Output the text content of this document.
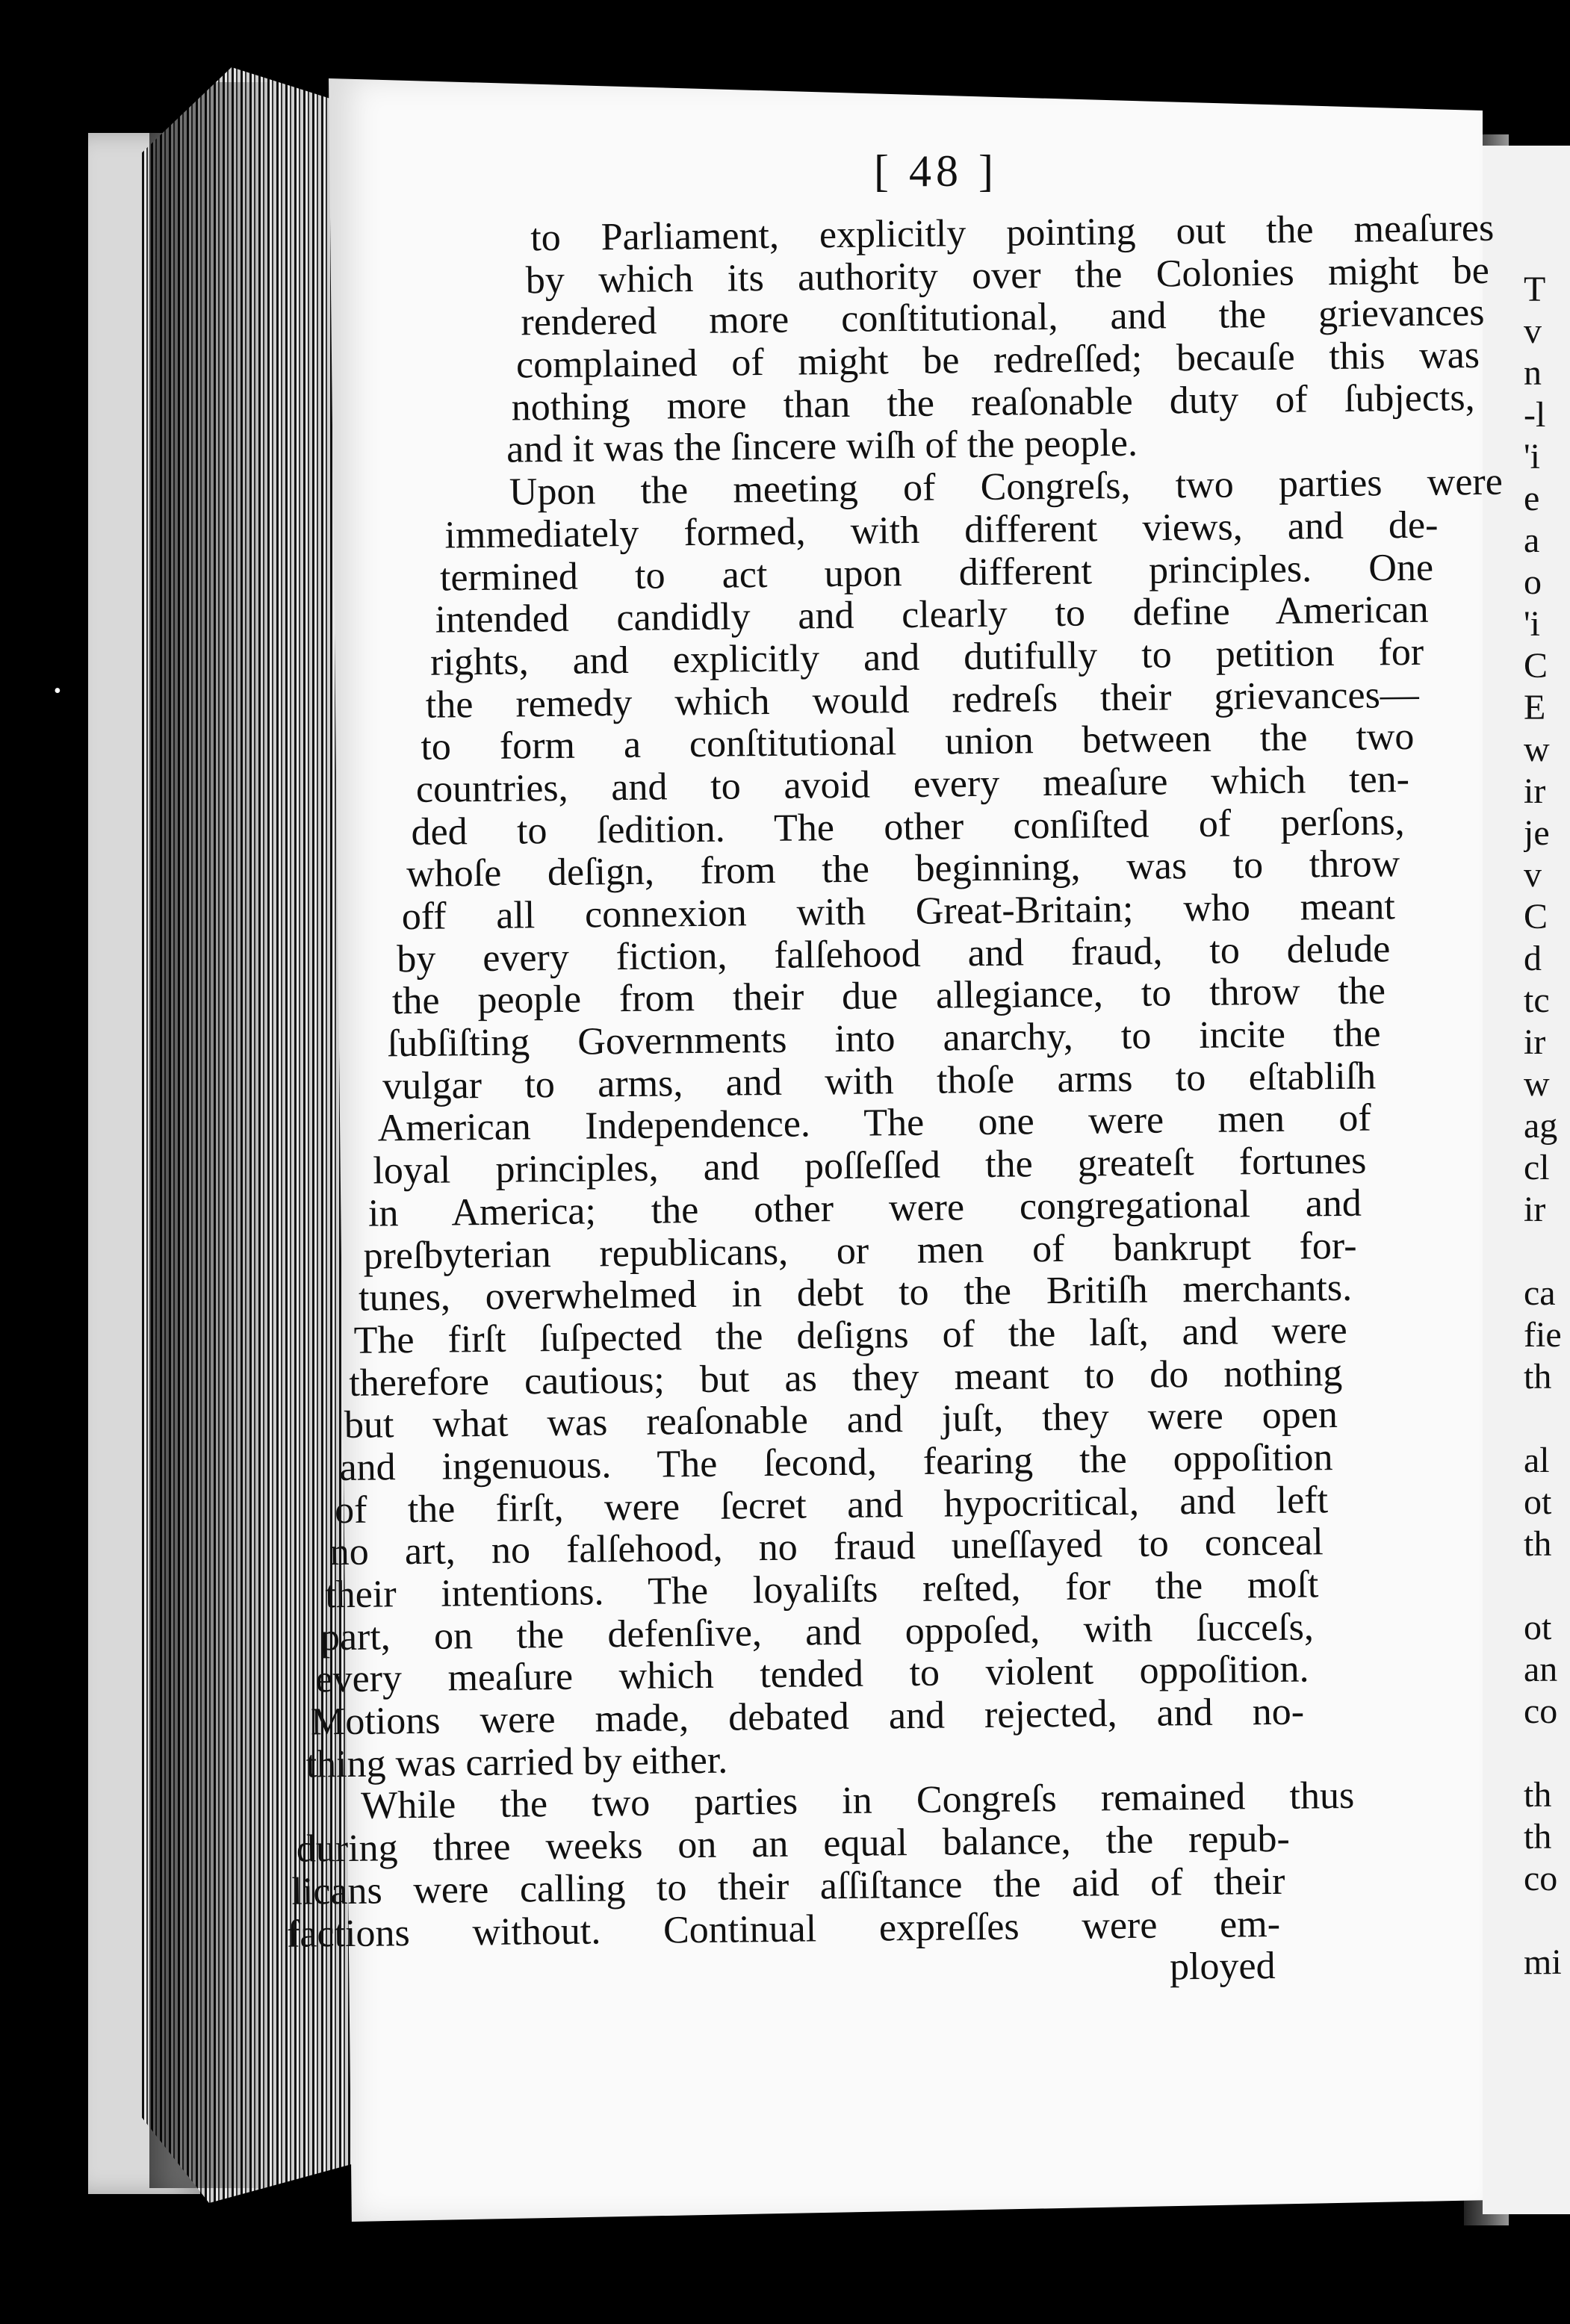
[ 48 ]
to Parliament, explicitly pointing out the meaſures
by which its authority over the Colonies might be
rendered more conſtitutional, and the grievances
complained of might be redreſſed; becauſe this was
nothing more than the reaſonable duty of ſubjects,
and it was the ſincere wiſh of the people.
Upon the meeting of Congreſs, two parties were
immediately formed, with different views, and de-
termined to act upon different principles. One
intended candidly and clearly to define American
rights, and explicitly and dutifully to petition for
the remedy which would redreſs their grievances—
to form a conſtitutional union between the two
countries, and to avoid every meaſure which ten-
ded to ſedition. The other conſiſted of perſons,
whoſe deſign, from the beginning, was to throw
off all connexion with Great-Britain; who meant
by every fiction, falſehood and fraud, to delude
the people from their due allegiance, to throw the
ſubſiſting Governments into anarchy, to incite the
vulgar to arms, and with thoſe arms to eſtabliſh
American Independence. The one were men of
loyal principles, and poſſeſſed the greateſt fortunes
in America; the other were congregational and
preſbyterian republicans, or men of bankrupt for-
tunes, overwhelmed in debt to the Britiſh merchants.
The firſt ſuſpected the deſigns of the laſt, and were
therefore cautious; but as they meant to do nothing
but what was reaſonable and juſt, they were open
and ingenuous. The ſecond, fearing the oppoſition
of the firſt, were ſecret and hypocritical, and left
no art, no falſehood, no fraud uneſſayed to conceal
their intentions. The loyaliſts reſted, for the moſt
part, on the defenſive, and oppoſed, with ſucceſs,
every meaſure which tended to violent oppoſition.
Motions were made, debated and rejected, and no-
thing was carried by either.
While the two parties in Congreſs remained thus
during three weeks on an equal balance, the repub-
licans were calling to their aſſiſtance the aid of their
factions without. Continual expreſſes were em-
ployed
T
v
n
-l
'i
e
a
o
'i
C
E
w
ir
je
v
C
d
tc
ir
w
ag
cl
ir
ca
fie
th
al
ot
th
ot
an
co
th
th
co
mi
•
